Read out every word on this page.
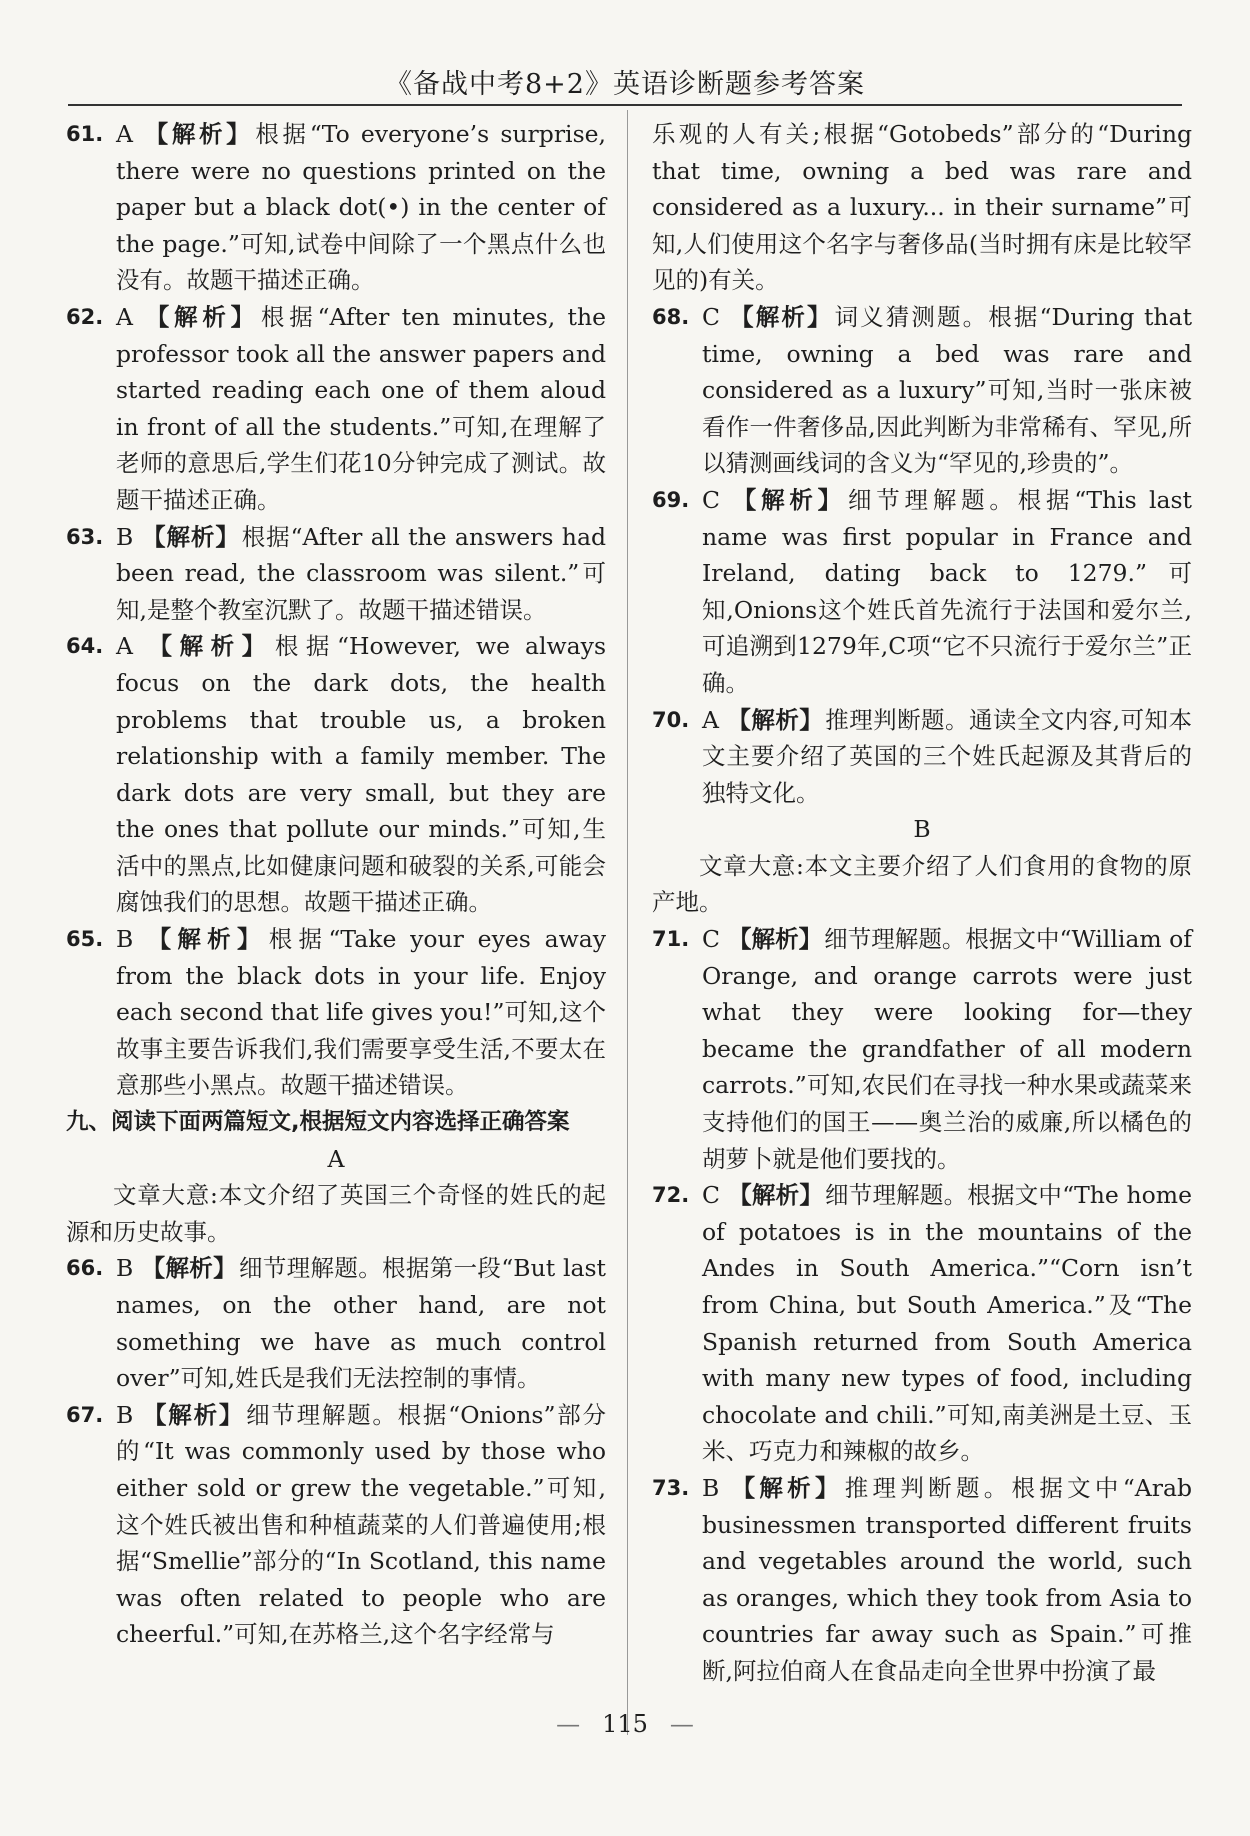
《备战中考8+2》英语诊断题参考答案
61. A 【解析】根据“To everyone’s surprise, there were no questions printed on the paper but a black dot(•) in the center of the page.”可知,试卷中间除了一个黑点什么也没有。故题干描述正确。
62. A 【解析】根据“After ten minutes, the professor took all the answer papers and started reading each one of them aloud in front of all the students.”可知,在理解了老师的意思后,学生们花10分钟完成了测试。故题干描述正确。
63. B 【解析】根据“After all the answers had been read, the classroom was silent.”可知,是整个教室沉默了。故题干描述错误。
64. A 【解析】根据“However, we always focus on the dark dots, the health problems that trouble us, a broken relationship with a family member. The dark dots are very small, but they are the ones that pollute our minds.”可知,生活中的黑点,比如健康问题和破裂的关系,可能会腐蚀我们的思想。故题干描述正确。
65. B 【解析】根据“Take your eyes away from the black dots in your life. Enjoy each second that life gives you!”可知,这个故事主要告诉我们,我们需要享受生活,不要太在意那些小黑点。故题干描述错误。
九、阅读下面两篇短文,根据短文内容选择正确答案
A
文章大意:本文介绍了英国三个奇怪的姓氏的起源和历史故事。
66. B 【解析】细节理解题。根据第一段“But last names, on the other hand, are not something we have as much control over”可知,姓氏是我们无法控制的事情。
67. B 【解析】细节理解题。根据“Onions”部分的“It was commonly used by those who either sold or grew the vegetable.”可知,这个姓氏被出售和种植蔬菜的人们普遍使用;根据“Smellie”部分的“In Scotland, this name was often related to people who are cheerful.”可知,在苏格兰,这个名字经常与
乐观的人有关;根据“Gotobeds”部分的“During that time, owning a bed was rare and considered as a luxury... in their surname”可知,人们使用这个名字与奢侈品(当时拥有床是比较罕见的)有关。
68. C 【解析】词义猜测题。根据“During that time, owning a bed was rare and considered as a luxury”可知,当时一张床被看作一件奢侈品,因此判断为非常稀有、罕见,所以猜测画线词的含义为“罕见的,珍贵的”。
69. C 【解析】细节理解题。根据“This last name was first popular in France and Ireland, dating back to 1279.”可知,Onions这个姓氏首先流行于法国和爱尔兰,可追溯到1279年,C项“它不只流行于爱尔兰”正确。
70. A 【解析】推理判断题。通读全文内容,可知本文主要介绍了英国的三个姓氏起源及其背后的独特文化。
B
文章大意:本文主要介绍了人们食用的食物的原产地。
71. C 【解析】细节理解题。根据文中“William of Orange, and orange carrots were just what they were looking for—they became the grandfather of all modern carrots.”可知,农民们在寻找一种水果或蔬菜来支持他们的国王——奥兰治的威廉,所以橘色的胡萝卜就是他们要找的。
72. C 【解析】细节理解题。根据文中“The home of potatoes is in the mountains of the Andes in South America.”“Corn isn’t from China, but South America.”及“The Spanish returned from South America with many new types of food, including chocolate and chili.”可知,南美洲是土豆、玉米、巧克力和辣椒的故乡。
73. B 【解析】推理判断题。根据文中“Arab businessmen transported different fruits and vegetables around the world, such as oranges, which they took from Asia to countries far away such as Spain.”可推断,阿拉伯商人在食品走向全世界中扮演了最
— 115 —
